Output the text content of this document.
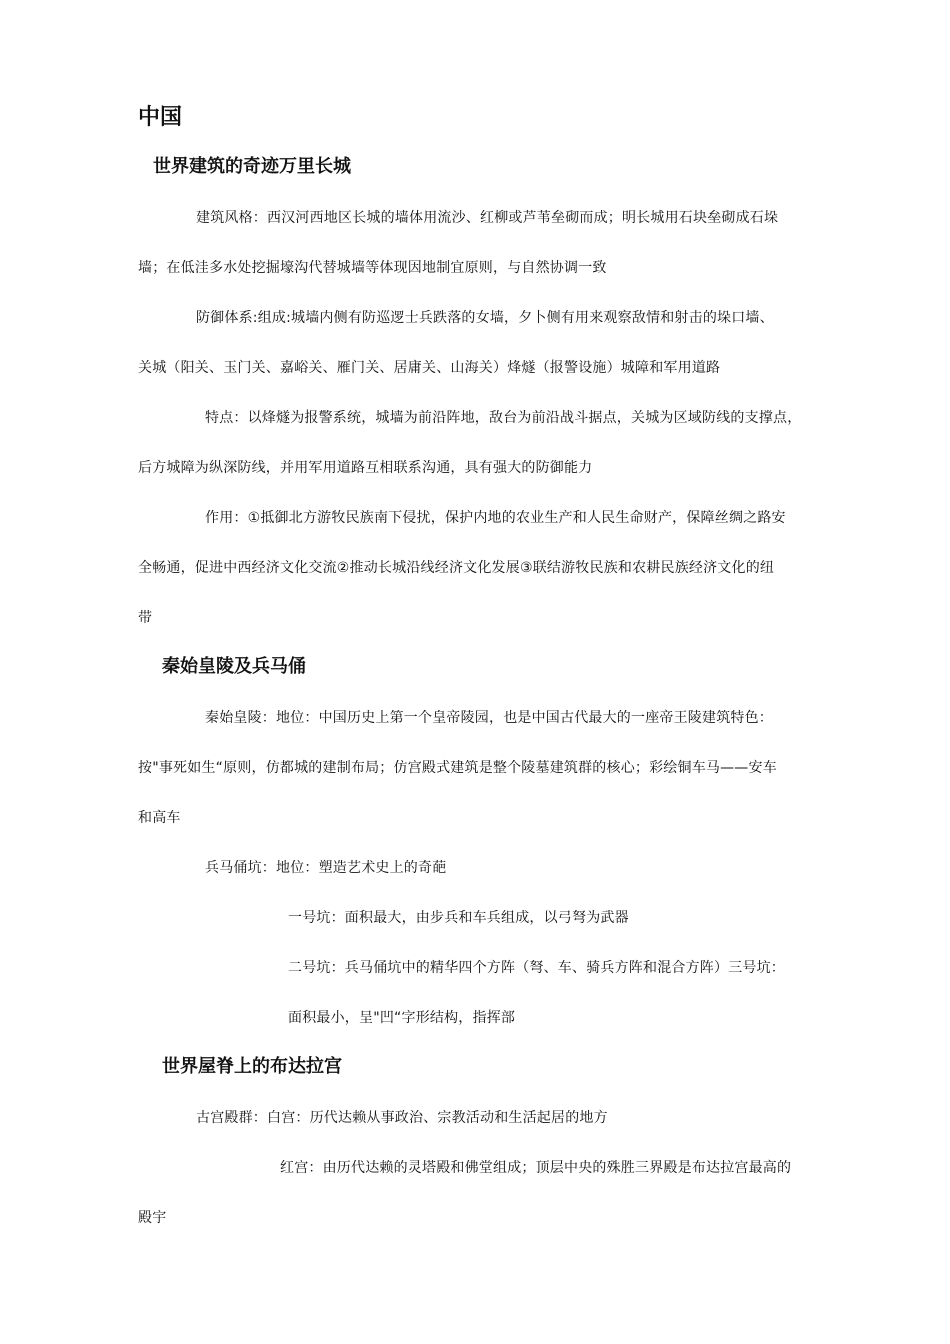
中国
世界建筑的奇迹万里长城
建筑风格：西汉河西地区长城的墙体用流沙、红柳或芦苇垒砌而成；明长城用石块垒砌成石垛
墙；在低洼多水处挖掘壕沟代替城墙等体现因地制宜原则，与自然协调一致
防御体系:组成:城墙内侧有防巡逻士兵跌落的女墙，夕卜侧有用来观察敌情和射击的垛口墙、
关城（阳关、玉门关、嘉峪关、雁门关、居庸关、山海关）烽燧（报警设施）城障和军用道路
特点：以烽燧为报警系统，城墙为前沿阵地，敌台为前沿战斗据点，关城为区域防线的支撑点，
后方城障为纵深防线，并用军用道路互相联系沟通，具有强大的防御能力
作用：①抵御北方游牧民族南下侵扰，保护内地的农业生产和人民生命财产，保障丝绸之路安
全畅通，促进中西经济文化交流②推动长城沿线经济文化发展③联结游牧民族和农耕民族经济文化的纽
带
秦始皇陵及兵马俑
秦始皇陵：地位：中国历史上第一个皇帝陵园，也是中国古代最大的一座帝王陵建筑特色：
按"事死如生“原则，仿都城的建制布局；仿宫殿式建筑是整个陵墓建筑群的核心；彩绘铜车马——安车
和高车
兵马俑坑：地位：塑造艺术史上的奇葩
一号坑：面积最大，由步兵和车兵组成，以弓弩为武器
二号坑：兵马俑坑中的精华四个方阵（弩、车、骑兵方阵和混合方阵）三号坑：
面积最小，呈"凹“字形结构，指挥部
世界屋脊上的布达拉宫
古宫殿群：白宫：历代达赖从事政治、宗教活动和生活起居的地方
红宫：由历代达赖的灵塔殿和佛堂组成；顶层中央的殊胜三界殿是布达拉宫最高的
殿宇
